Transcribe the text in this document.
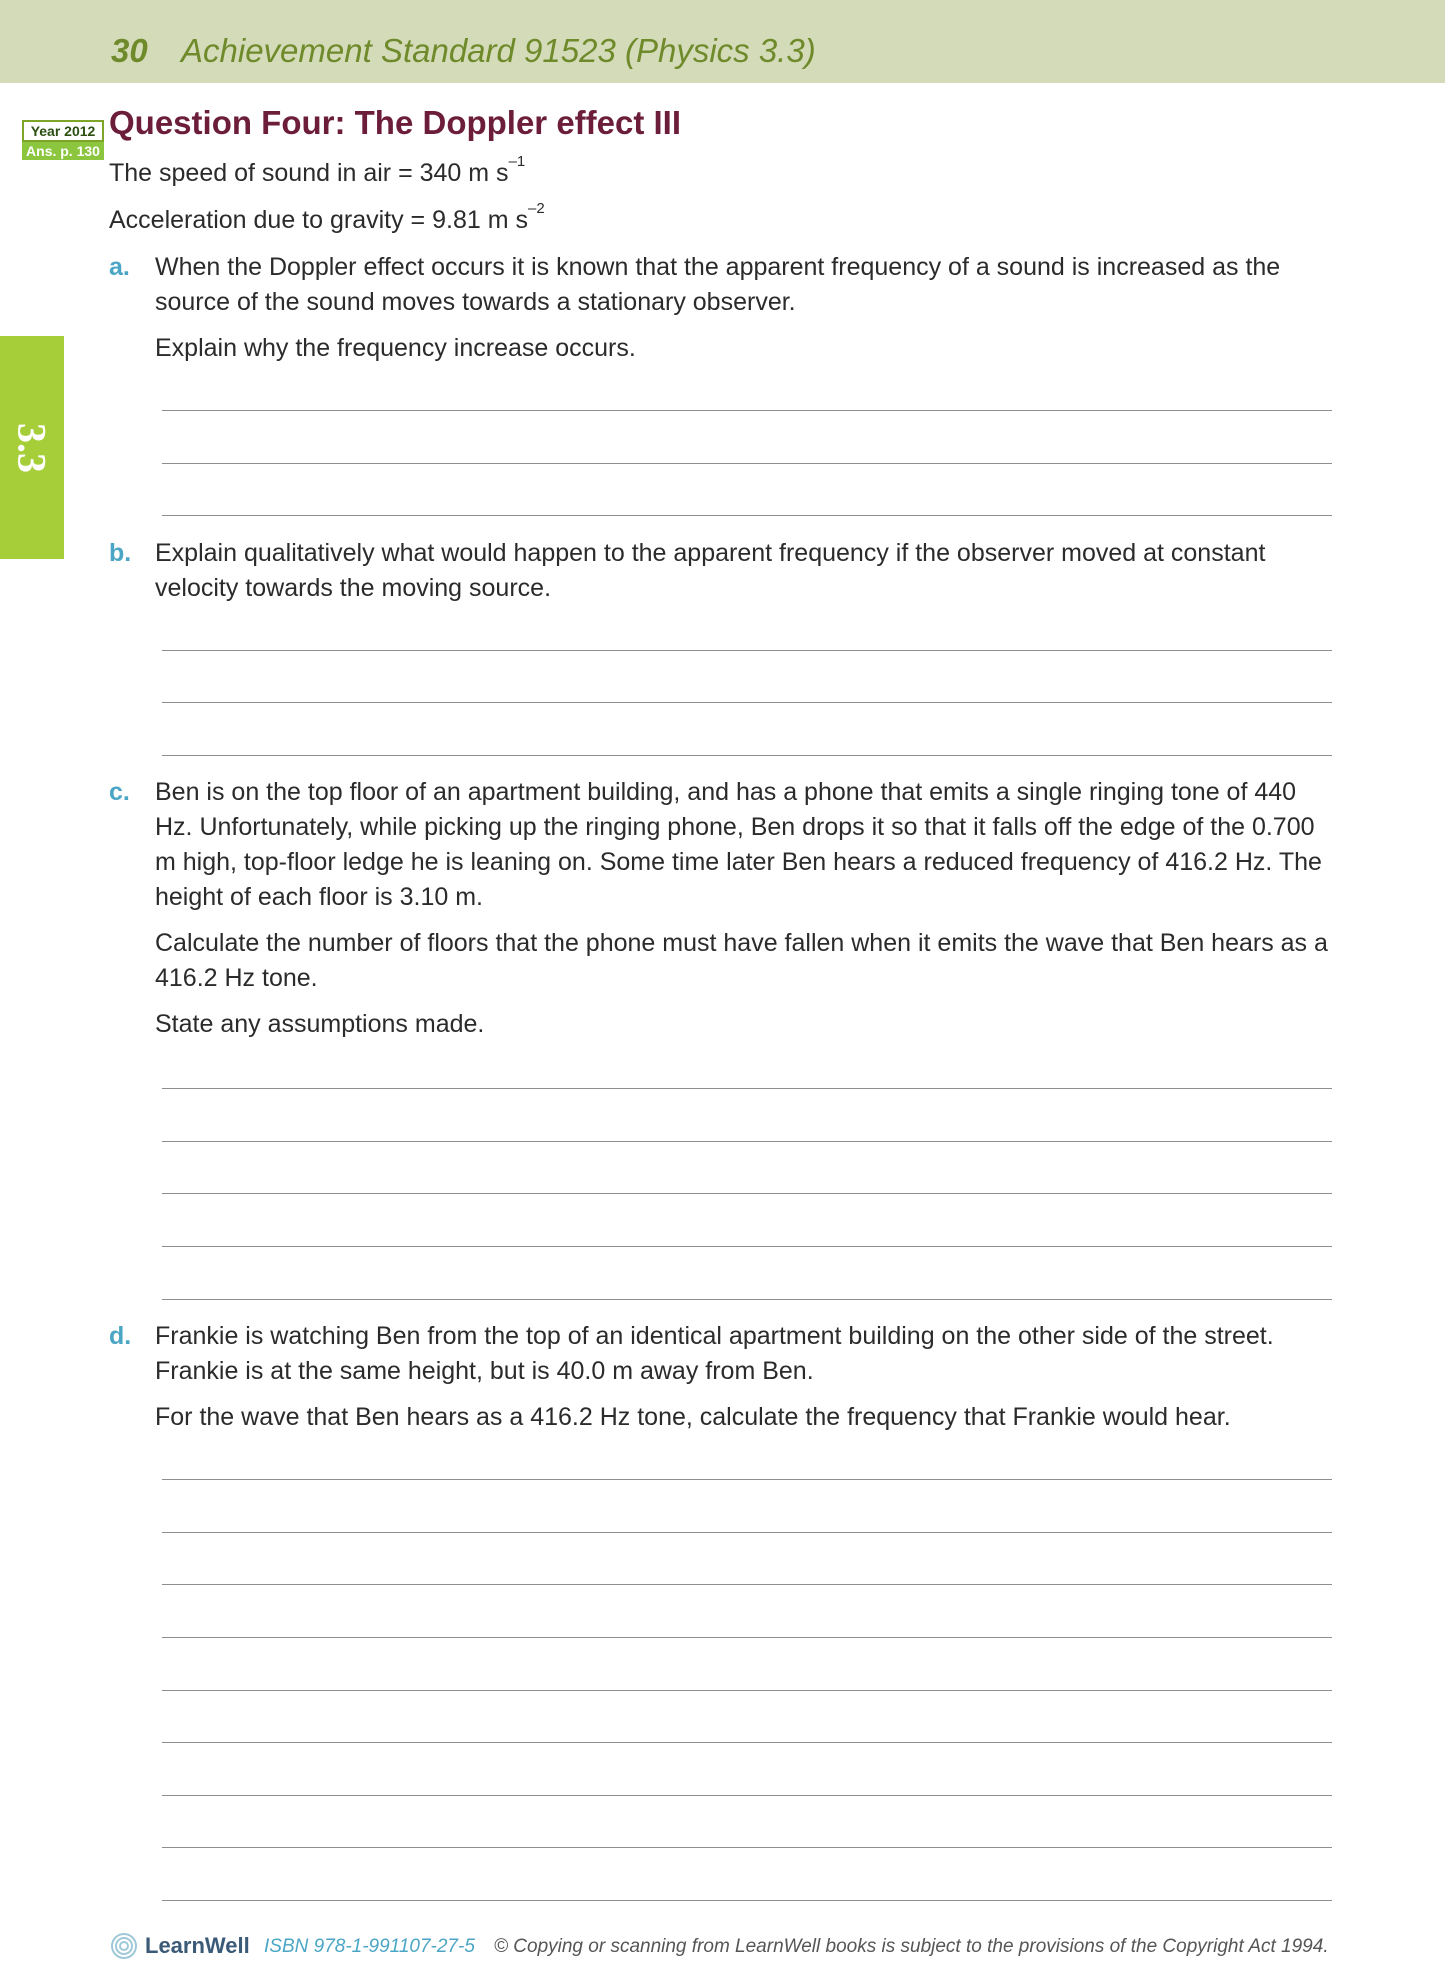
30 Achievement Standard 91523 (Physics 3.3)
Year 2012
Ans. p. 130
3.3
Question Four: The Doppler effect III
The speed of sound in air = 340 m $s^{-1}$
Acceleration due to gravity = 9.81 m $s^{-2}$
a. When the Doppler effect occurs it is known that the apparent frequency of a sound is increased as the source of the sound moves towards a stationary observer.

Explain why the frequency increase occurs.

b. Explain qualitatively what would happen to the apparent frequency if the observer moved at constant velocity towards the moving source.

c. Ben is on the top floor of an apartment building, and has a phone that emits a single ringing tone of 440 Hz. Unfortunately, while picking up the ringing phone, Ben drops it so that it falls off the edge of the 0.700 m high, top-floor ledge he is leaning on. Some time later Ben hears a reduced frequency of 416.2 Hz. The height of each floor is 3.10 m.

Calculate the number of floors that the phone must have fallen when it emits the wave that Ben hears as a 416.2 Hz tone.

State any assumptions made.

d. Frankie is watching Ben from the top of an identical apartment building on the other side of the street. Frankie is at the same height, but is 40.0 m away from Ben.

For the wave that Ben hears as a 416.2 Hz tone, calculate the frequency that Frankie would hear.

LearnWell ISBN 978-1-991107-27-5 © Copying or scanning from LearnWell books is subject to the provisions of the Copyright Act 1994.
